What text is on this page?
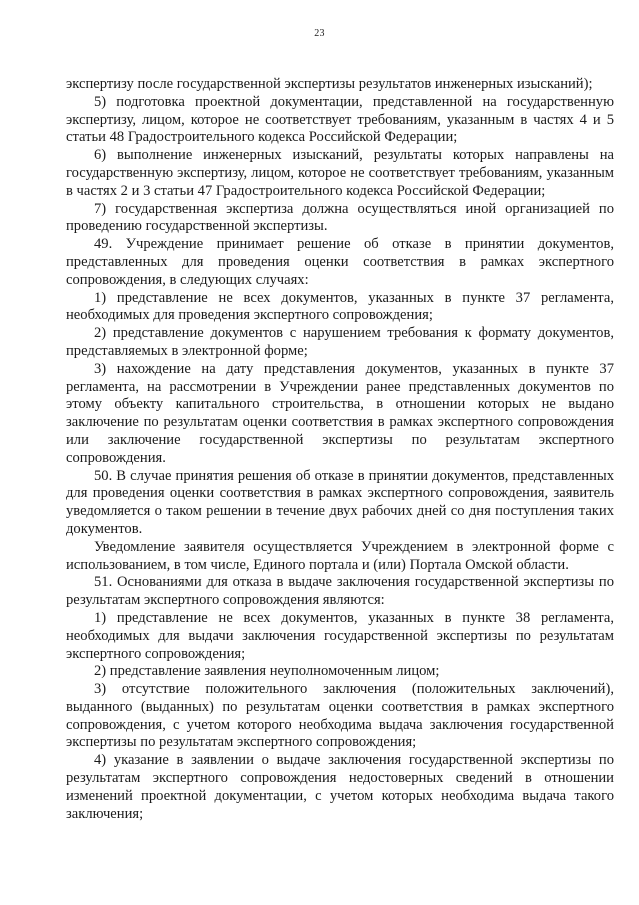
23

экспертизу после государственной экспертизы результатов инженерных изысканий);

5) подготовка проектной документации, представленной на государственную экспертизу, лицом, которое не соответствует требованиям, указанным в частях 4 и 5 статьи 48 Градостроительного кодекса Российской Федерации;

6) выполнение инженерных изысканий, результаты которых направлены на государственную экспертизу, лицом, которое не соответствует требованиям, указанным в частях 2 и 3 статьи 47 Градостроительного кодекса Российской Федерации;

7) государственная экспертиза должна осуществляться иной организацией по проведению государственной экспертизы.

49. Учреждение принимает решение об отказе в принятии документов, представленных для проведения оценки соответствия в рамках экспертного сопровождения, в следующих случаях:

1) представление не всех документов, указанных в пункте 37 регламента, необходимых для проведения экспертного сопровождения;

2) представление документов с нарушением требования к формату документов, представляемых в электронной форме;

3) нахождение на дату представления документов, указанных в пункте 37 регламента, на рассмотрении в Учреждении ранее представленных документов по этому объекту капитального строительства, в отношении которых не выдано заключение по результатам оценки соответствия в рамках экспертного сопровождения или заключение государственной экспертизы по результатам экспертного сопровождения.

50. В случае принятия решения об отказе в принятии документов, представленных для проведения оценки соответствия в рамках экспертного сопровождения, заявитель уведомляется о таком решении в течение двух рабочих дней со дня поступления таких документов.

Уведомление заявителя осуществляется Учреждением в электронной форме с использованием, в том числе, Единого портала и (или) Портала Омской области.

51. Основаниями для отказа в выдаче заключения государственной экспертизы по результатам экспертного сопровождения являются:

1) представление не всех документов, указанных в пункте 38 регламента, необходимых для выдачи заключения государственной экспертизы по результатам экспертного сопровождения;

2) представление заявления неуполномоченным лицом;

3) отсутствие положительного заключения (положительных заключений), выданного (выданных) по результатам оценки соответствия в рамках экспертного сопровождения, с учетом которого необходима выдача заключения государственной экспертизы по результатам экспертного сопровождения;

4) указание в заявлении о выдаче заключения государственной экспертизы по результатам экспертного сопровождения недостоверных сведений в отношении изменений проектной документации, с учетом которых необходима выдача такого заключения;
